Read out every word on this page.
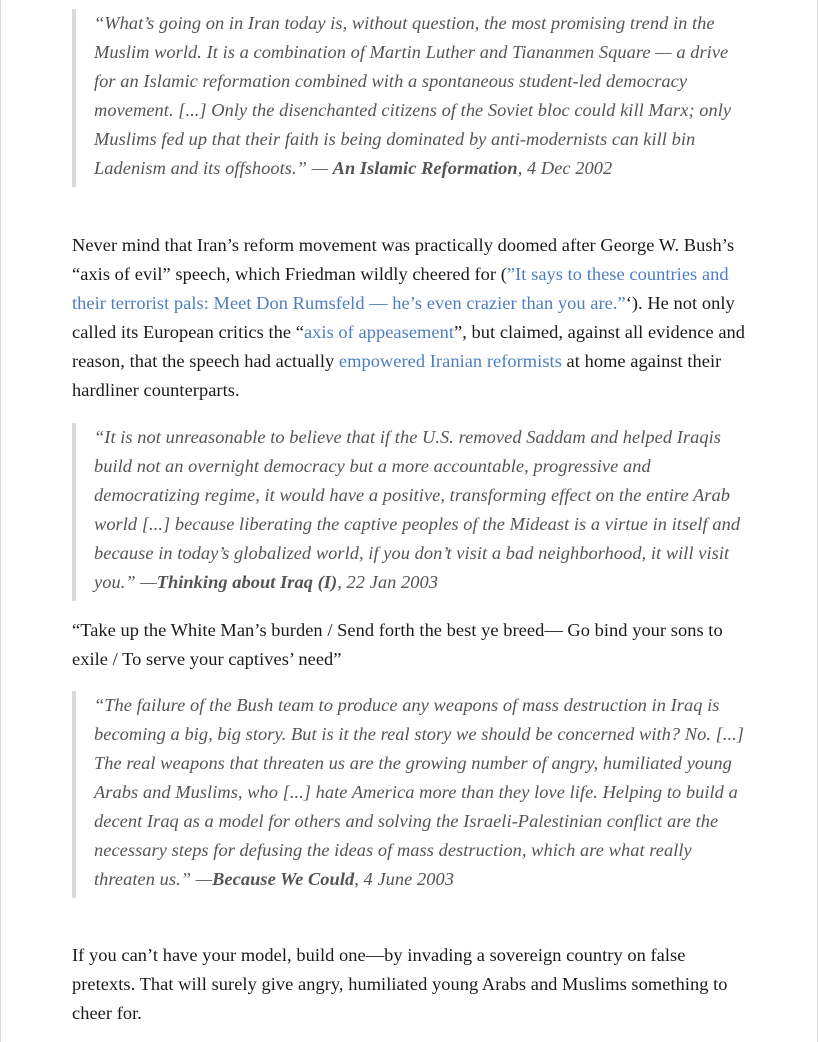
“What’s going on in Iran today is, without question, the most promising trend in the Muslim world. It is a combination of Martin Luther and Tiananmen Square — a drive for an Islamic reformation combined with a spontaneous student-led democracy movement. [...] Only the disenchanted citizens of the Soviet bloc could kill Marx; only Muslims fed up that their faith is being dominated by anti-modernists can kill bin Ladenism and its offshoots.” — An Islamic Reformation, 4 Dec 2002

Never mind that Iran’s reform movement was practically doomed after George W. Bush’s “axis of evil” speech, which Friedman wildly cheered for (”It says to these countries and their terrorist pals: Meet Don Rumsfeld — he’s even crazier than you are.”‘). He not only called its European critics the “axis of appeasement”, but claimed, against all evidence and reason, that the speech had actually empowered Iranian reformists at home against their hardliner counterparts.

“It is not unreasonable to believe that if the U.S. removed Saddam and helped Iraqis build not an overnight democracy but a more accountable, progressive and democratizing regime, it would have a positive, transforming effect on the entire Arab world [...] because liberating the captive peoples of the Mideast is a virtue in itself and because in today’s globalized world, if you don’t visit a bad neighborhood, it will visit you.” —Thinking about Iraq (I), 22 Jan 2003

“Take up the White Man’s burden / Send forth the best ye breed— Go bind your sons to exile / To serve your captives’ need”

“The failure of the Bush team to produce any weapons of mass destruction in Iraq is becoming a big, big story. But is it the real story we should be concerned with? No. [...] The real weapons that threaten us are the growing number of angry, humiliated young Arabs and Muslims, who [...] hate America more than they love life. Helping to build a decent Iraq as a model for others and solving the Israeli-Palestinian conflict are the necessary steps for defusing the ideas of mass destruction, which are what really threaten us.” —Because We Could, 4 June 2003

If you can’t have your model, build one—by invading a sovereign country on false pretexts. That will surely give angry, humiliated young Arabs and Muslims something to cheer for.
